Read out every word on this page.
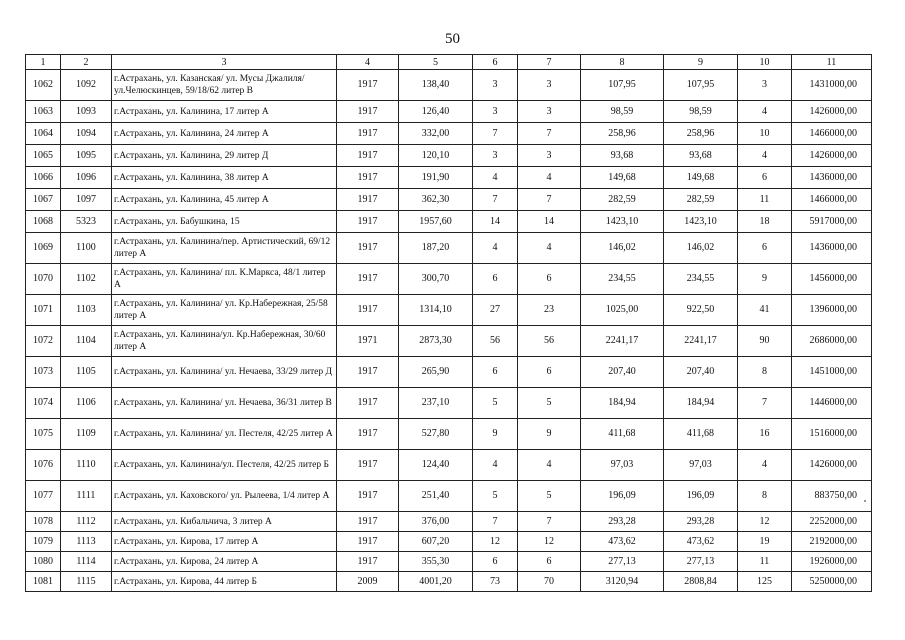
50
1	2	3	4	5	6	7	8	9	10	11
1062	1092	г.Астрахань, ул. Казанская/ ул. Мусы Джалиля/ ул.Челюскинцев, 59/18/62 литер В	1917	138,40	3	3	107,95	107,95	3	1431000,00
1063	1093	г.Астрахань, ул. Калинина, 17 литер А	1917	126,40	3	3	98,59	98,59	4	1426000,00
1064	1094	г.Астрахань, ул. Калинина, 24 литер А	1917	332,00	7	7	258,96	258,96	10	1466000,00
1065	1095	г.Астрахань, ул. Калинина, 29 литер Д	1917	120,10	3	3	93,68	93,68	4	1426000,00
1066	1096	г.Астрахань, ул. Калинина, 38 литер А	1917	191,90	4	4	149,68	149,68	6	1436000,00
1067	1097	г.Астрахань, ул. Калинина, 45 литер А	1917	362,30	7	7	282,59	282,59	11	1466000,00
1068	5323	г.Астрахань, ул. Бабушкина, 15	1917	1957,60	14	14	1423,10	1423,10	18	5917000,00
1069	1100	г.Астрахань, ул. Калинина/пер. Артистический, 69/12 литер А	1917	187,20	4	4	146,02	146,02	6	1436000,00
1070	1102	г.Астрахань, ул. Калинина/ пл. К.Маркса, 48/1 литер А	1917	300,70	6	6	234,55	234,55	9	1456000,00
1071	1103	г.Астрахань, ул. Калинина/ ул. Кр.Набережная, 25/58 литер А	1917	1314,10	27	23	1025,00	922,50	41	1396000,00
1072	1104	г.Астрахань, ул. Калинина/ул. Кр.Набережная, 30/60 литер А	1971	2873,30	56	56	2241,17	2241,17	90	2686000,00
1073	1105	г.Астрахань, ул. Калинина/ ул. Нечаева, 33/29 литер Д	1917	265,90	6	6	207,40	207,40	8	1451000,00
1074	1106	г.Астрахань, ул. Калинина/ ул. Нечаева, 36/31 литер В	1917	237,10	5	5	184,94	184,94	7	1446000,00
1075	1109	г.Астрахань, ул. Калинина/ ул. Пестеля, 42/25 литер А	1917	527,80	9	9	411,68	411,68	16	1516000,00
1076	1110	г.Астрахань, ул. Калинина/ул. Пестеля, 42/25 литер Б	1917	124,40	4	4	97,03	97,03	4	1426000,00
1077	1111	г.Астрахань, ул. Каховского/ ул. Рылеева, 1/4 литер А	1917	251,40	5	5	196,09	196,09	8	883750,00
1078	1112	г.Астрахань, ул. Кибальчича, 3 литер А	1917	376,00	7	7	293,28	293,28	12	2252000,00
1079	1113	г.Астрахань, ул. Кирова, 17 литер А	1917	607,20	12	12	473,62	473,62	19	2192000,00
1080	1114	г.Астрахань, ул. Кирова, 24 литер А	1917	355,30	6	6	277,13	277,13	11	1926000,00
1081	1115	г.Астрахань, ул. Кирова, 44 литер Б	2009	4001,20	73	70	3120,94	2808,84	125	5250000,00
